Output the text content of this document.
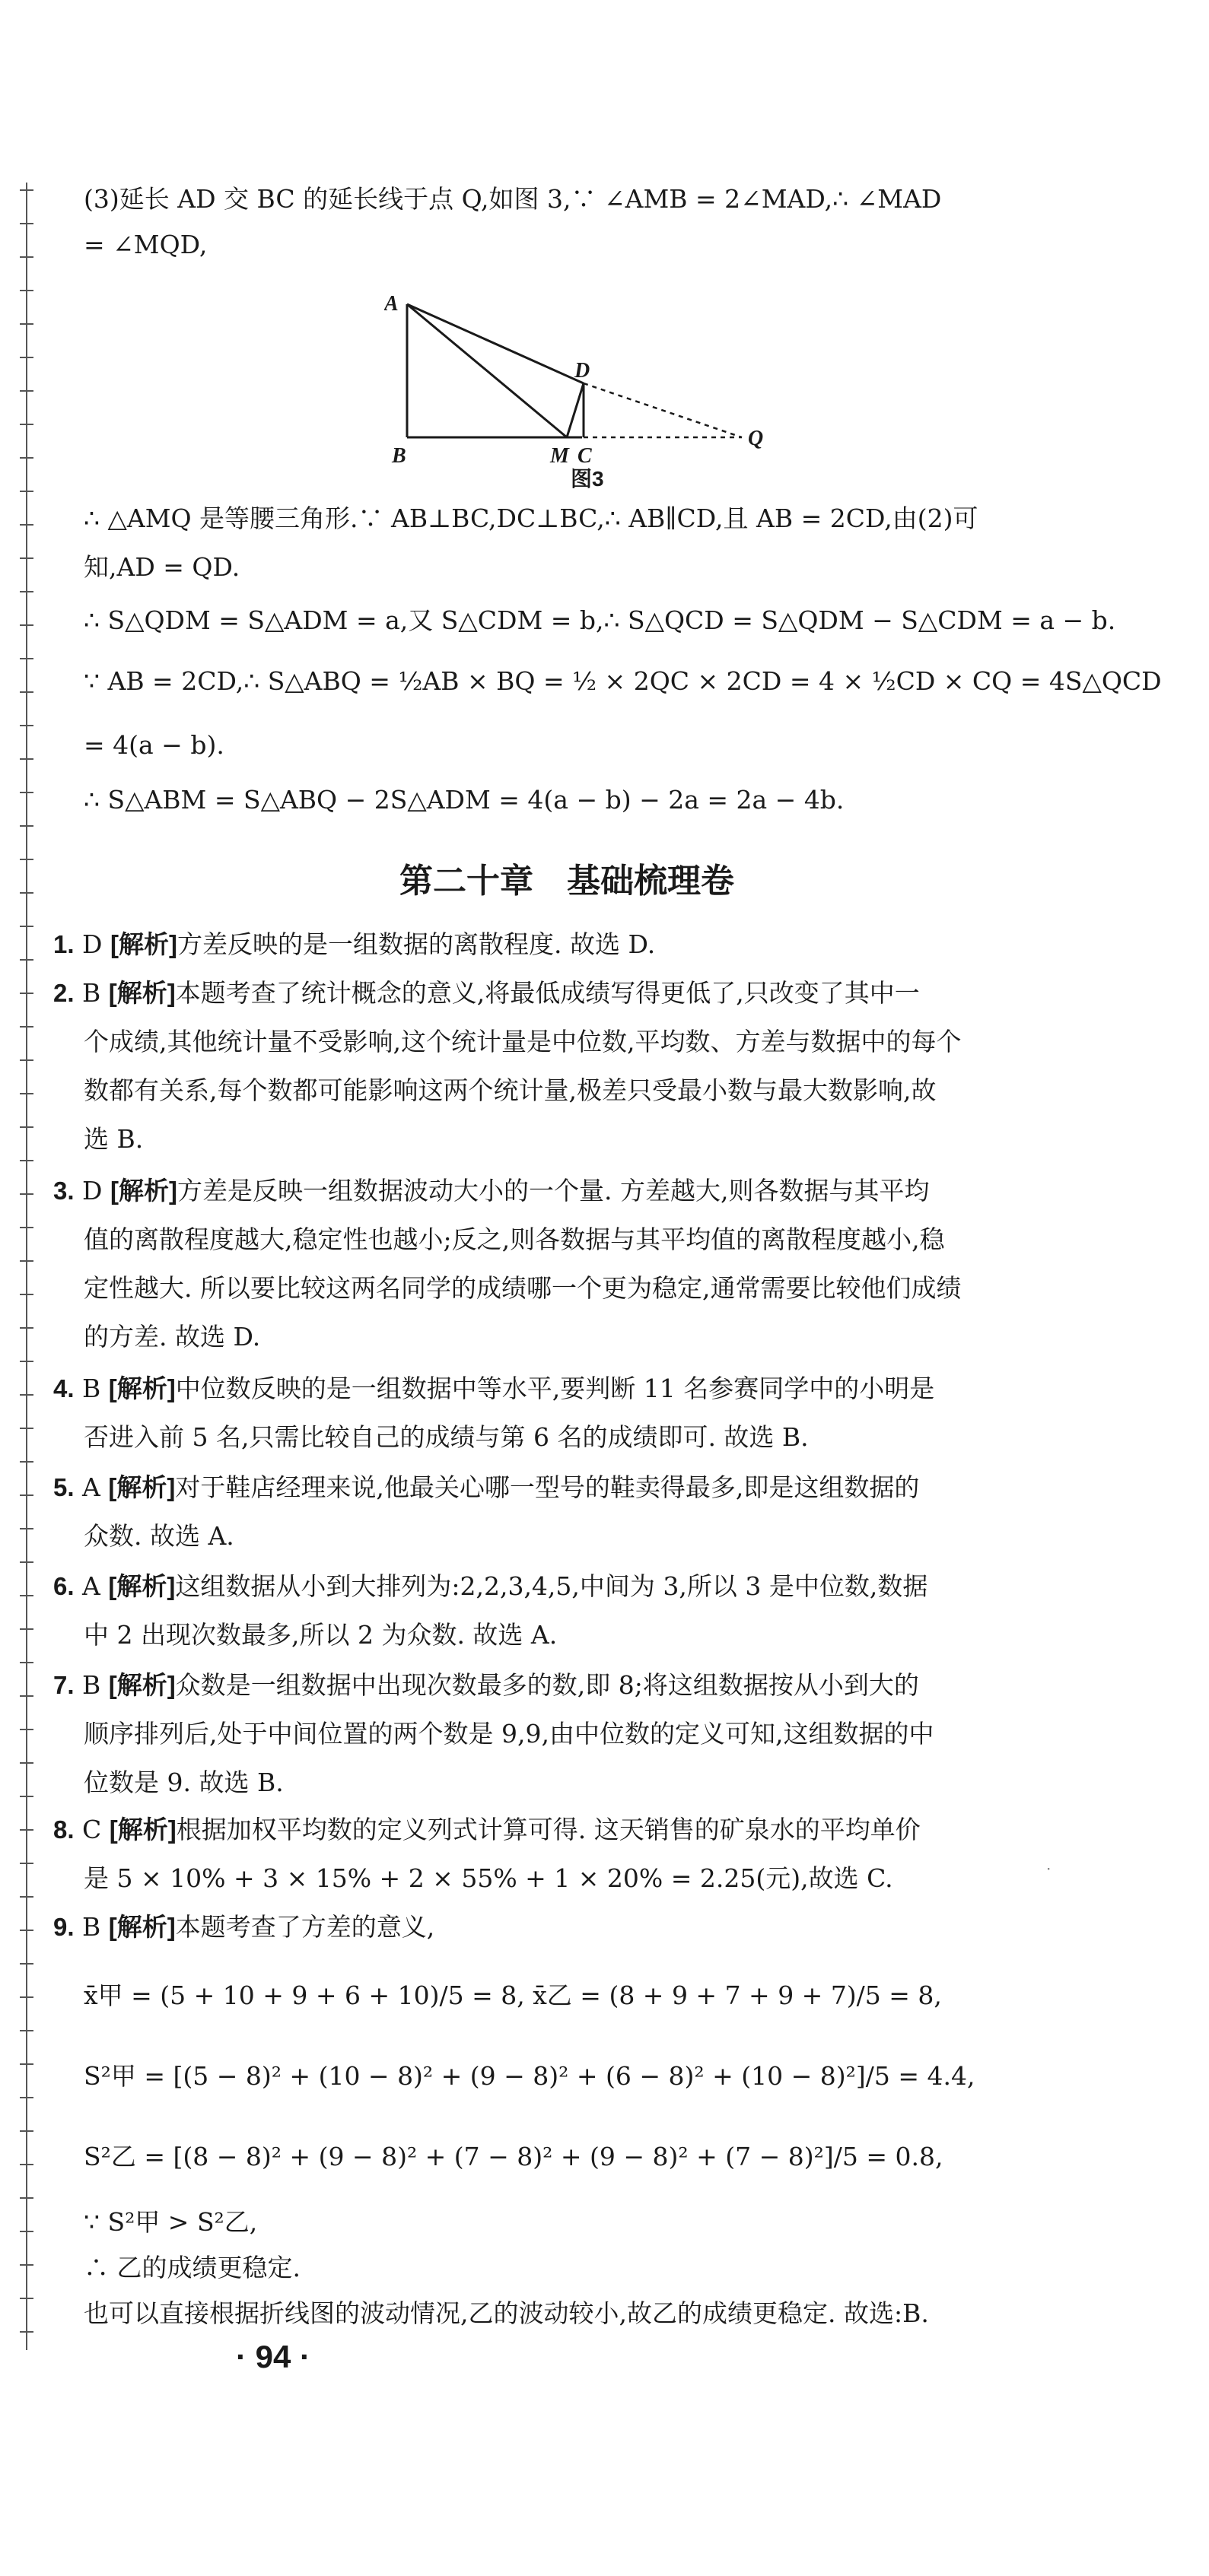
(3)延长 AD 交 BC 的延长线于点 Q,如图 3,∵ ∠AMB = 2∠MAD,∴ ∠MAD
= ∠MQD,
A
D
B	M C
Q
图3
∴ △AMQ 是等腰三角形.∵ AB⊥BC,DC⊥BC,∴ AB∥CD,且 AB = 2CD,由(2)可
知,AD = QD.
∴ S△QDM = S△ADM = a,又 S△CDM = b,∴ S△QCD = S△QDM − S△CDM = a − b.
∵ AB = 2CD,∴ S△ABQ = ½AB × BQ = ½ × 2QC × 2CD = 4 × ½CD × CQ = 4S△QCD
= 4(a − b).
∴ S△ABM = S△ABQ − 2S△ADM = 4(a − b) − 2a = 2a − 4b.
第二十章　基础梳理卷
1. D [解析]方差反映的是一组数据的离散程度. 故选 D.
2. B [解析]本题考查了统计概念的意义,将最低成绩写得更低了,只改变了其中一
个成绩,其他统计量不受影响,这个统计量是中位数,平均数、方差与数据中的每个
数都有关系,每个数都可能影响这两个统计量,极差只受最小数与最大数影响,故
选 B.
3. D [解析]方差是反映一组数据波动大小的一个量. 方差越大,则各数据与其平均
值的离散程度越大,稳定性也越小;反之,则各数据与其平均值的离散程度越小,稳
定性越大. 所以要比较这两名同学的成绩哪一个更为稳定,通常需要比较他们成绩
的方差. 故选 D.
4. B [解析]中位数反映的是一组数据中等水平,要判断 11 名参赛同学中的小明是
否进入前 5 名,只需比较自己的成绩与第 6 名的成绩即可. 故选 B.
5. A [解析]对于鞋店经理来说,他最关心哪一型号的鞋卖得最多,即是这组数据的
众数. 故选 A.
6. A [解析]这组数据从小到大排列为:2,2,3,4,5,中间为 3,所以 3 是中位数,数据
中 2 出现次数最多,所以 2 为众数. 故选 A.
7. B [解析]众数是一组数据中出现次数最多的数,即 8;将这组数据按从小到大的
顺序排列后,处于中间位置的两个数是 9,9,由中位数的定义可知,这组数据的中
位数是 9. 故选 B.
8. C [解析]根据加权平均数的定义列式计算可得. 这天销售的矿泉水的平均单价
是 5 × 10% + 3 × 15% + 2 × 55% + 1 × 20% = 2.25(元),故选 C.
9. B [解析]本题考查了方差的意义,
x̄甲 = (5 + 10 + 9 + 6 + 10)/5 = 8, x̄乙 = (8 + 9 + 7 + 9 + 7)/5 = 8,
S²甲 = [(5 − 8)² + (10 − 8)² + (9 − 8)² + (6 − 8)² + (10 − 8)²]/5 = 4.4,
S²乙 = [(8 − 8)² + (9 − 8)² + (7 − 8)² + (9 − 8)² + (7 − 8)²]/5 = 0.8,
∵ S²甲 > S²乙,
∴ 乙的成绩更稳定.
也可以直接根据折线图的波动情况,乙的波动较小,故乙的成绩更稳定. 故选:B.
·
· 94 ·
